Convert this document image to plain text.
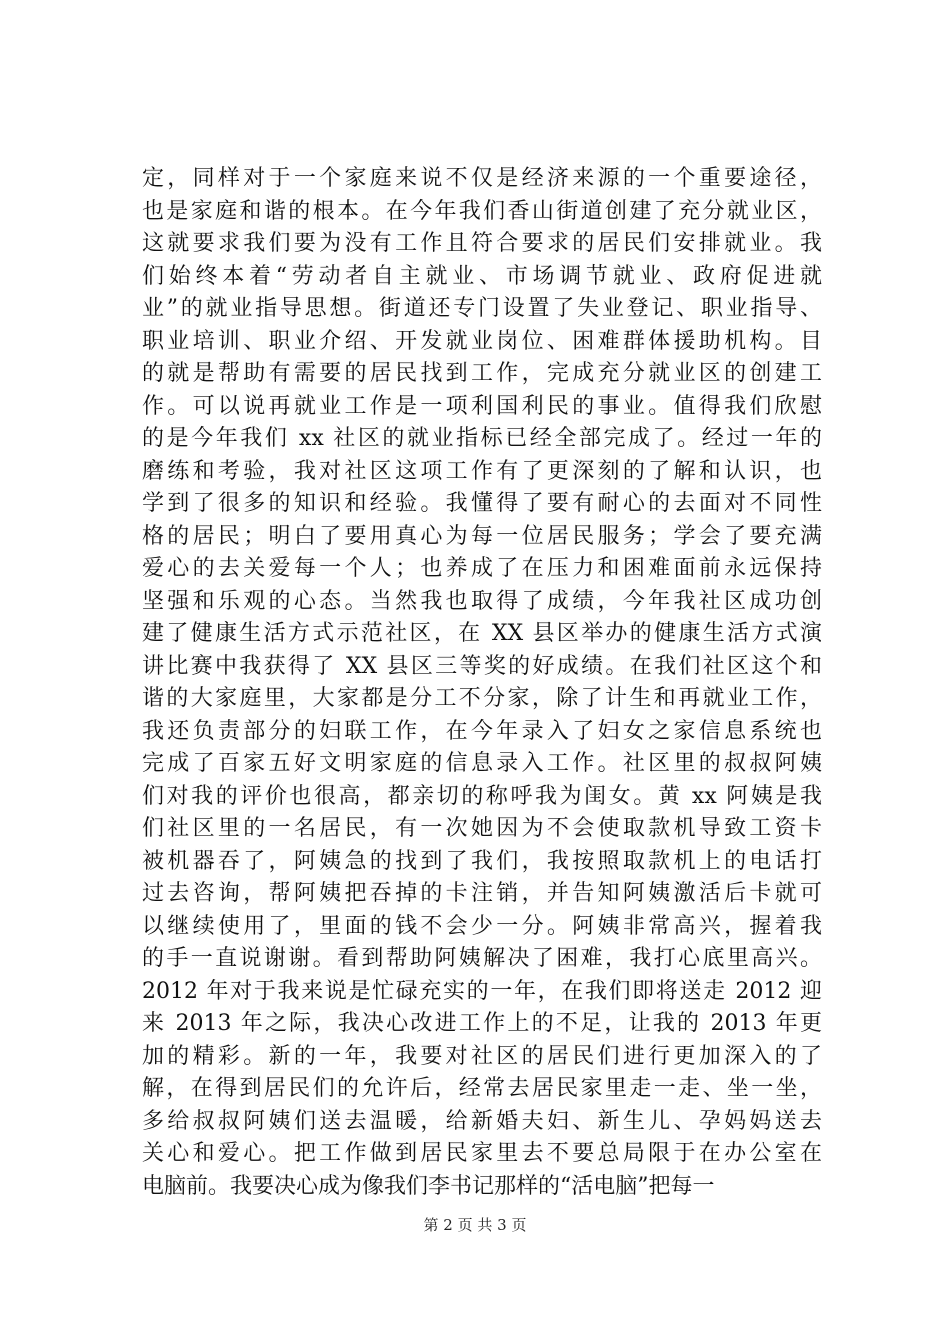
定，同样对于一个家庭来说不仅是经济来源的一个重要途径，
也是家庭和谐的根本。在今年我们香山街道创建了充分就业区，
这就要求我们要为没有工作且符合要求的居民们安排就业。我
们始终本着“劳动者自主就业、市场调节就业、政府促进就
业”的就业指导思想。街道还专门设置了失业登记、职业指导、
职业培训、职业介绍、开发就业岗位、困难群体援助机构。目
的就是帮助有需要的居民找到工作，完成充分就业区的创建工
作。可以说再就业工作是一项利国利民的事业。值得我们欣慰
的是今年我们 xx 社区的就业指标已经全部完成了。经过一年的
磨练和考验，我对社区这项工作有了更深刻的了解和认识，也
学到了很多的知识和经验。我懂得了要有耐心的去面对不同性
格的居民；明白了要用真心为每一位居民服务；学会了要充满
爱心的去关爱每一个人；也养成了在压力和困难面前永远保持
坚强和乐观的心态。当然我也取得了成绩，今年我社区成功创
建了健康生活方式示范社区，在 XX 县区举办的健康生活方式演
讲比赛中我获得了 XX 县区三等奖的好成绩。在我们社区这个和
谐的大家庭里，大家都是分工不分家，除了计生和再就业工作，
我还负责部分的妇联工作，在今年录入了妇女之家信息系统也
完成了百家五好文明家庭的信息录入工作。社区里的叔叔阿姨
们对我的评价也很高，都亲切的称呼我为闺女。黄 xx 阿姨是我
们社区里的一名居民，有一次她因为不会使取款机导致工资卡
被机器吞了，阿姨急的找到了我们，我按照取款机上的电话打
过去咨询，帮阿姨把吞掉的卡注销，并告知阿姨激活后卡就可
以继续使用了，里面的钱不会少一分。阿姨非常高兴，握着我
的手一直说谢谢。看到帮助阿姨解决了困难，我打心底里高兴。
2012 年对于我来说是忙碌充实的一年，在我们即将送走 2012 迎
来 2013 年之际，我决心改进工作上的不足，让我的 2013 年更
加的精彩。新的一年，我要对社区的居民们进行更加深入的了
解，在得到居民们的允许后，经常去居民家里走一走、坐一坐，
多给叔叔阿姨们送去温暖，给新婚夫妇、新生儿、孕妈妈送去
关心和爱心。把工作做到居民家里去不要总局限于在办公室在
电脑前。我要决心成为像我们李书记那样的“活电脑”把每一
第 2 页 共 3 页
